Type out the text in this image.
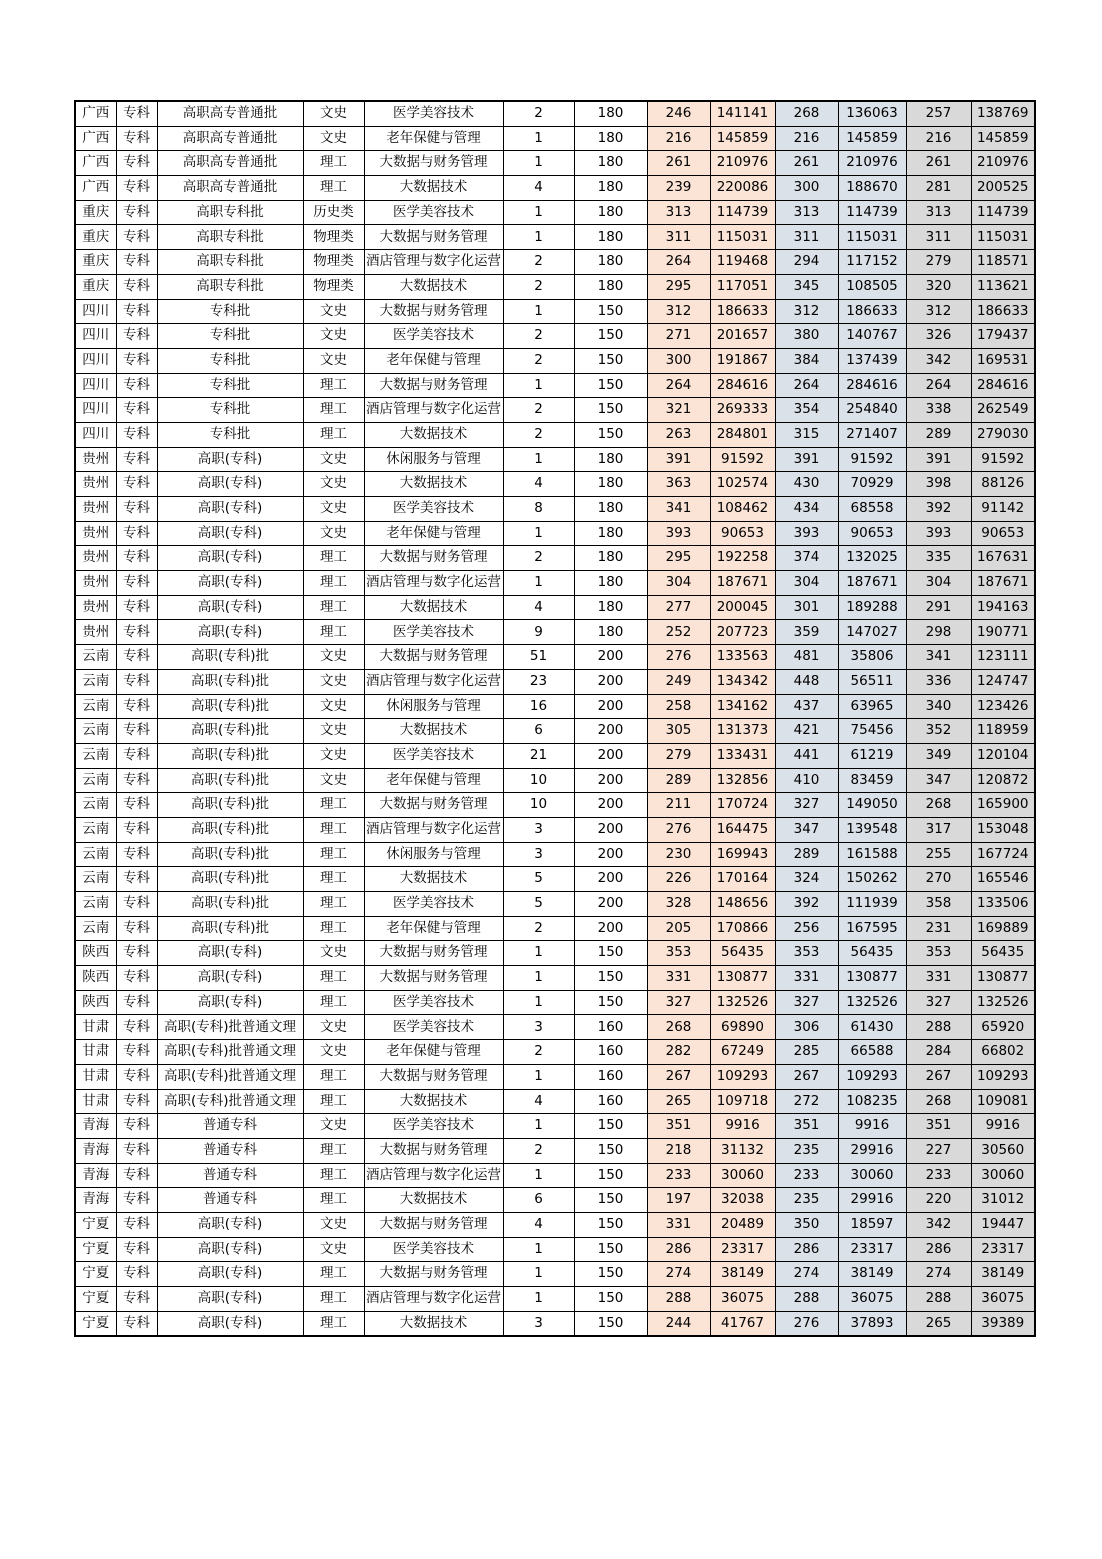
广西	专科	高职高专普通批	文史	医学美容技术	2	180	246	141141	268	136063	257	138769
广西	专科	高职高专普通批	文史	老年保健与管理	1	180	216	145859	216	145859	216	145859
广西	专科	高职高专普通批	理工	大数据与财务管理	1	180	261	210976	261	210976	261	210976
广西	专科	高职高专普通批	理工	大数据技术	4	180	239	220086	300	188670	281	200525
重庆	专科	高职专科批	历史类	医学美容技术	1	180	313	114739	313	114739	313	114739
重庆	专科	高职专科批	物理类	大数据与财务管理	1	180	311	115031	311	115031	311	115031
重庆	专科	高职专科批	物理类	酒店管理与数字化运营	2	180	264	119468	294	117152	279	118571
重庆	专科	高职专科批	物理类	大数据技术	2	180	295	117051	345	108505	320	113621
四川	专科	专科批	文史	大数据与财务管理	1	150	312	186633	312	186633	312	186633
四川	专科	专科批	文史	医学美容技术	2	150	271	201657	380	140767	326	179437
四川	专科	专科批	文史	老年保健与管理	2	150	300	191867	384	137439	342	169531
四川	专科	专科批	理工	大数据与财务管理	1	150	264	284616	264	284616	264	284616
四川	专科	专科批	理工	酒店管理与数字化运营	2	150	321	269333	354	254840	338	262549
四川	专科	专科批	理工	大数据技术	2	150	263	284801	315	271407	289	279030
贵州	专科	高职(专科)	文史	休闲服务与管理	1	180	391	91592	391	91592	391	91592
贵州	专科	高职(专科)	文史	大数据技术	4	180	363	102574	430	70929	398	88126
贵州	专科	高职(专科)	文史	医学美容技术	8	180	341	108462	434	68558	392	91142
贵州	专科	高职(专科)	文史	老年保健与管理	1	180	393	90653	393	90653	393	90653
贵州	专科	高职(专科)	理工	大数据与财务管理	2	180	295	192258	374	132025	335	167631
贵州	专科	高职(专科)	理工	酒店管理与数字化运营	1	180	304	187671	304	187671	304	187671
贵州	专科	高职(专科)	理工	大数据技术	4	180	277	200045	301	189288	291	194163
贵州	专科	高职(专科)	理工	医学美容技术	9	180	252	207723	359	147027	298	190771
云南	专科	高职(专科)批	文史	大数据与财务管理	51	200	276	133563	481	35806	341	123111
云南	专科	高职(专科)批	文史	酒店管理与数字化运营	23	200	249	134342	448	56511	336	124747
云南	专科	高职(专科)批	文史	休闲服务与管理	16	200	258	134162	437	63965	340	123426
云南	专科	高职(专科)批	文史	大数据技术	6	200	305	131373	421	75456	352	118959
云南	专科	高职(专科)批	文史	医学美容技术	21	200	279	133431	441	61219	349	120104
云南	专科	高职(专科)批	文史	老年保健与管理	10	200	289	132856	410	83459	347	120872
云南	专科	高职(专科)批	理工	大数据与财务管理	10	200	211	170724	327	149050	268	165900
云南	专科	高职(专科)批	理工	酒店管理与数字化运营	3	200	276	164475	347	139548	317	153048
云南	专科	高职(专科)批	理工	休闲服务与管理	3	200	230	169943	289	161588	255	167724
云南	专科	高职(专科)批	理工	大数据技术	5	200	226	170164	324	150262	270	165546
云南	专科	高职(专科)批	理工	医学美容技术	5	200	328	148656	392	111939	358	133506
云南	专科	高职(专科)批	理工	老年保健与管理	2	200	205	170866	256	167595	231	169889
陕西	专科	高职(专科)	文史	大数据与财务管理	1	150	353	56435	353	56435	353	56435
陕西	专科	高职(专科)	理工	大数据与财务管理	1	150	331	130877	331	130877	331	130877
陕西	专科	高职(专科)	理工	医学美容技术	1	150	327	132526	327	132526	327	132526
甘肃	专科	高职(专科)批普通文理	文史	医学美容技术	3	160	268	69890	306	61430	288	65920
甘肃	专科	高职(专科)批普通文理	文史	老年保健与管理	2	160	282	67249	285	66588	284	66802
甘肃	专科	高职(专科)批普通文理	理工	大数据与财务管理	1	160	267	109293	267	109293	267	109293
甘肃	专科	高职(专科)批普通文理	理工	大数据技术	4	160	265	109718	272	108235	268	109081
青海	专科	普通专科	文史	医学美容技术	1	150	351	9916	351	9916	351	9916
青海	专科	普通专科	理工	大数据与财务管理	2	150	218	31132	235	29916	227	30560
青海	专科	普通专科	理工	酒店管理与数字化运营	1	150	233	30060	233	30060	233	30060
青海	专科	普通专科	理工	大数据技术	6	150	197	32038	235	29916	220	31012
宁夏	专科	高职(专科)	文史	大数据与财务管理	4	150	331	20489	350	18597	342	19447
宁夏	专科	高职(专科)	文史	医学美容技术	1	150	286	23317	286	23317	286	23317
宁夏	专科	高职(专科)	理工	大数据与财务管理	1	150	274	38149	274	38149	274	38149
宁夏	专科	高职(专科)	理工	酒店管理与数字化运营	1	150	288	36075	288	36075	288	36075
宁夏	专科	高职(专科)	理工	大数据技术	3	150	244	41767	276	37893	265	39389
